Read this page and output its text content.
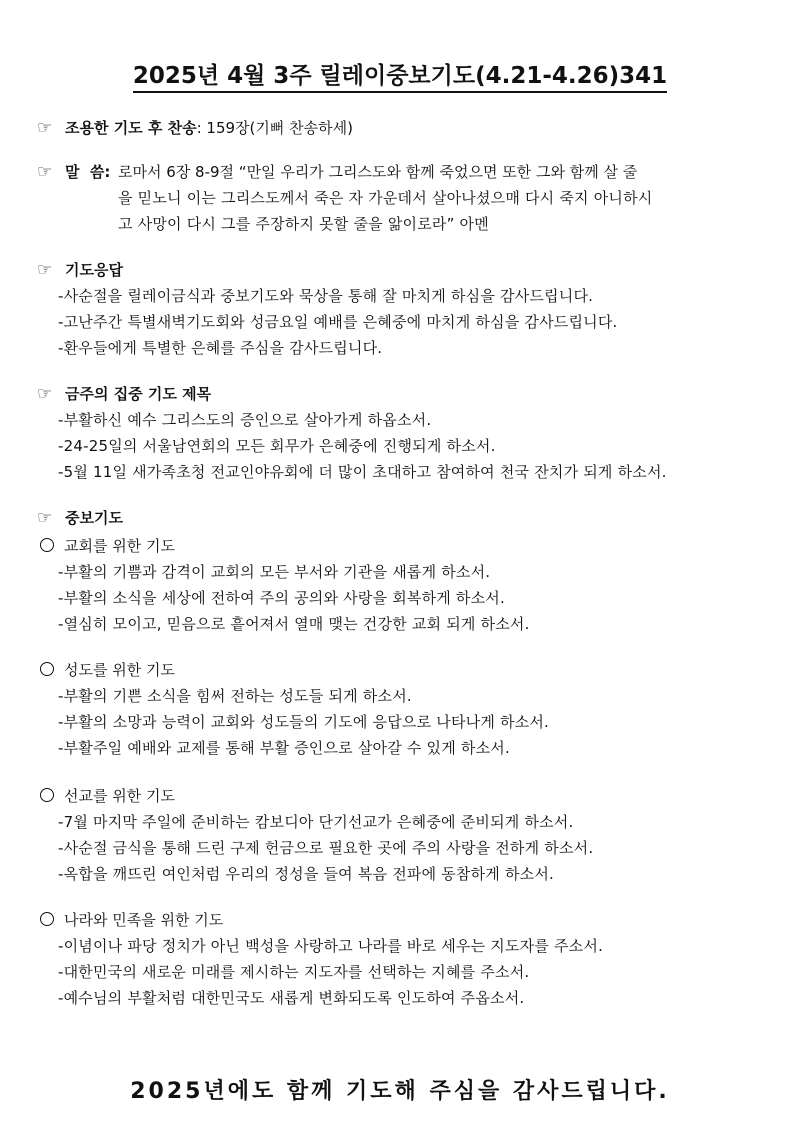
2025년 4월 3주 릴레이중보기도(4.21-4.26)341
☞ 조용한 기도 후 찬송: 159장(기뻐 찬송하세)
☞ 말  씀: 로마서 6장 8-9절 “만일 우리가 그리스도와 함께 죽었으면 또한 그와 함께 살 줄
을 믿노니 이는 그리스도께서 죽은 자 가운데서 살아나셨으매 다시 죽지 아니하시
고 사망이 다시 그를 주장하지 못할 줄을 앎이로라” 아멘
☞ 기도응답
-사순절을 릴레이금식과 중보기도와 묵상을 통해 잘 마치게 하심을 감사드립니다.
-고난주간 특별새벽기도회와 성금요일 예배를 은혜중에 마치게 하심을 감사드립니다.
-환우들에게 특별한 은혜를 주심을 감사드립니다.
☞ 금주의 집중 기도 제목
-부활하신 예수 그리스도의 증인으로 살아가게 하옵소서.
-24-25일의 서울남연회의 모든 회무가 은혜중에 진행되게 하소서.
-5월 11일 새가족초청 전교인야유회에 더 많이 초대하고 참여하여 천국 잔치가 되게 하소서.
☞ 중보기도
교회를 위한 기도
-부활의 기쁨과 감격이 교회의 모든 부서와 기관을 새롭게 하소서.
-부활의 소식을 세상에 전하여 주의 공의와 사랑을 회복하게 하소서.
-열심히 모이고, 믿음으로 흩어져서 열매 맺는 건강한 교회 되게 하소서.
성도를 위한 기도
-부활의 기쁜 소식을 힘써 전하는 성도들 되게 하소서.
-부활의 소망과 능력이 교회와 성도들의 기도에 응답으로 나타나게 하소서.
-부활주일 예배와 교제를 통해 부활 증인으로 살아갈 수 있게 하소서.
선교를 위한 기도
-7월 마지막 주일에 준비하는 캄보디아 단기선교가 은혜중에 준비되게 하소서.
-사순절 금식을 통해 드린 구제 헌금으로 필요한 곳에 주의 사랑을 전하게 하소서.
-옥합을 깨뜨린 여인처럼 우리의 정성을 들여 복음 전파에 동참하게 하소서.
나라와 민족을 위한 기도
-이념이나 파당 정치가 아닌 백성을 사랑하고 나라를 바로 세우는 지도자를 주소서.
-대한민국의 새로운 미래를 제시하는 지도자를 선택하는 지혜를 주소서.
-예수님의 부활처럼 대한민국도 새롭게 변화되도록 인도하여 주옵소서.
2025년에도 함께 기도해 주심을 감사드립니다.
